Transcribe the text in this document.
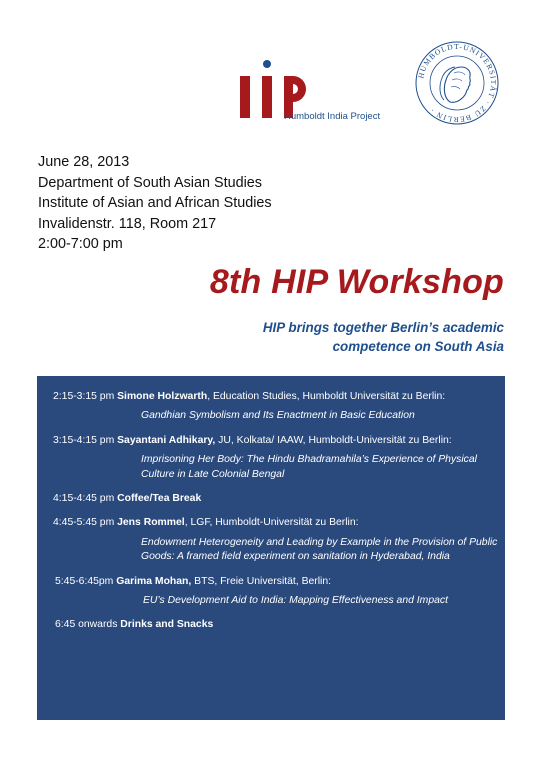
Humboldt India Project
HUMBOLDT-UNIVERSITÄT · ZU BERLIN ·
June 28, 2013
Department of South Asian Studies
Institute of Asian and African Studies
Invalidenstr. 118, Room 217
2:00-7:00 pm
8th HIP Workshop
HIP brings together Berlin’s academic
competence on South Asia
2:15-3:15 pm Simone Holzwarth, Education Studies, Humboldt Universität zu Berlin:
Gandhian Symbolism and Its Enactment in Basic Education
3:15-4:15 pm Sayantani Adhikary, JU, Kolkata/ IAAW, Humboldt-Universität zu Berlin:
Imprisoning Her Body: The Hindu Bhadramahila’s Experience of Physical Culture in Late Colonial Bengal
4:15-4:45 pm Coffee/Tea Break
4:45-5:45 pm Jens Rommel, LGF, Humboldt-Universität zu Berlin:
Endowment Heterogeneity and Leading by Example in the Provision of Public Goods: A framed field experiment on sanitation in Hyderabad, India
5:45-6:45pm Garima Mohan, BTS, Freie Universität, Berlin:
EU’s Development Aid to India: Mapping Effectiveness and Impact
6:45 onwards Drinks and Snacks
